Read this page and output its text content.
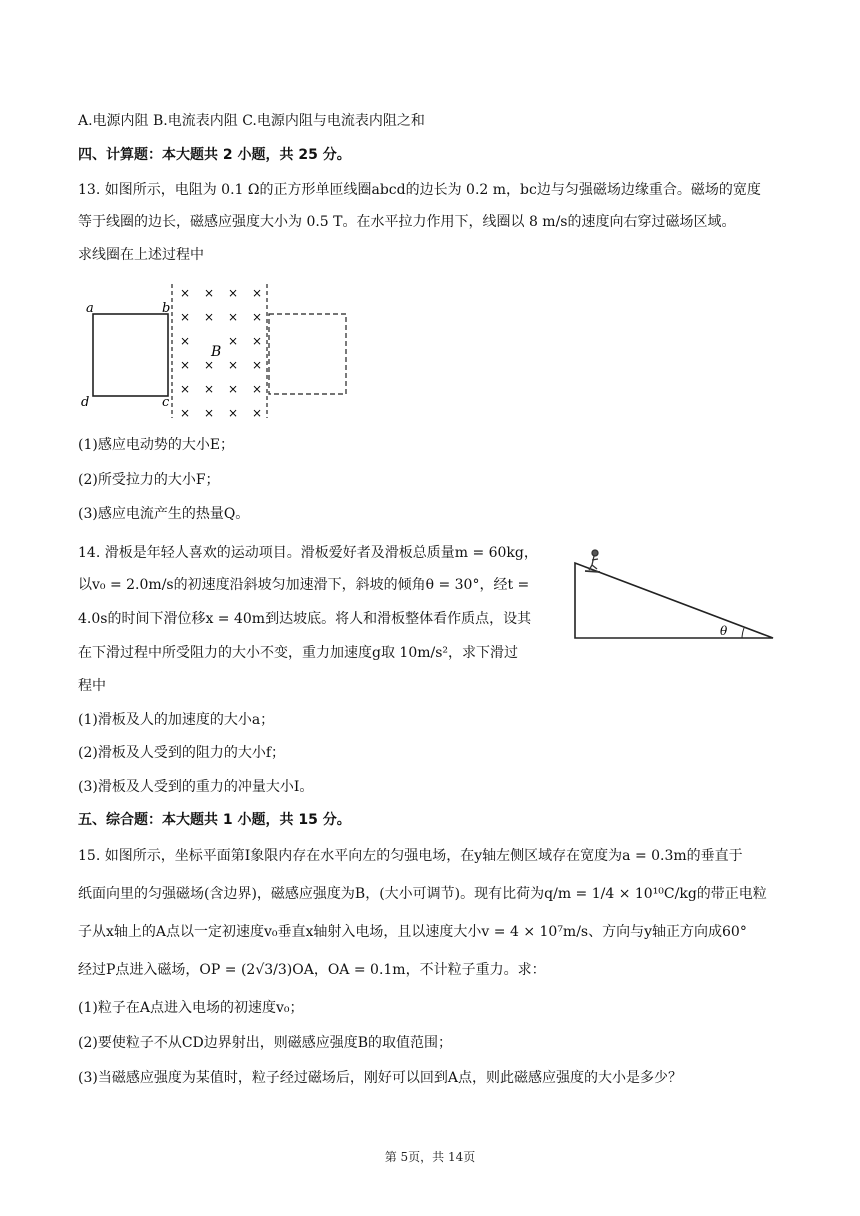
A.电源内阻 B.电流表内阻 C.电源内阻与电流表内阻之和
四、计算题：本大题共 2 小题，共 25 分。
13. 如图所示，电阻为 0.1 Ω的正方形单匝线圈abcd的边长为 0.2 m，bc边与匀强磁场边缘重合。磁场的宽度
等于线圈的边长，磁感应强度大小为 0.5 T。在水平拉力作用下，线圈以 8 m/s的速度向右穿过磁场区域。
求线圈在上述过程中
a	b
c
d
× × × ×
× × × ×
×	× ×
× × × ×
× × × ×
× × × ×
B
(1)感应电动势的大小E；
(2)所受拉力的大小F；
(3)感应电流产生的热量Q。
14. 滑板是年轻人喜欢的运动项目。滑板爱好者及滑板总质量m = 60kg，
以v₀ = 2.0m/s的初速度沿斜坡匀加速滑下，斜坡的倾角θ = 30°，经t =
4.0s的时间下滑位移x = 40m到达坡底。将人和滑板整体看作质点，设其
在下滑过程中所受阻力的大小不变，重力加速度g取 10m/s²，求下滑过
程中
θ
(1)滑板及人的加速度的大小a；
(2)滑板及人受到的阻力的大小f；
(3)滑板及人受到的重力的冲量大小I。
五、综合题：本大题共 1 小题，共 15 分。
15. 如图所示，坐标平面第I象限内存在水平向左的匀强电场，在y轴左侧区域存在宽度为a = 0.3m的垂直于
纸面向里的匀强磁场(含边界)，磁感应强度为B，(大小可调节)。现有比荷为q/m = 1/4 × 10¹⁰C/kg的带正电粒
子从x轴上的A点以一定初速度v₀垂直x轴射入电场，且以速度大小v = 4 × 10⁷m/s、方向与y轴正方向成60°
经过P点进入磁场，OP = (2√3/3)OA，OA = 0.1m，不计粒子重力。求：
(1)粒子在A点进入电场的初速度v₀；
(2)要使粒子不从CD边界射出，则磁感应强度B的取值范围；
(3)当磁感应强度为某值时，粒子经过磁场后，刚好可以回到A点，则此磁感应强度的大小是多少？
第 5页，共 14页
